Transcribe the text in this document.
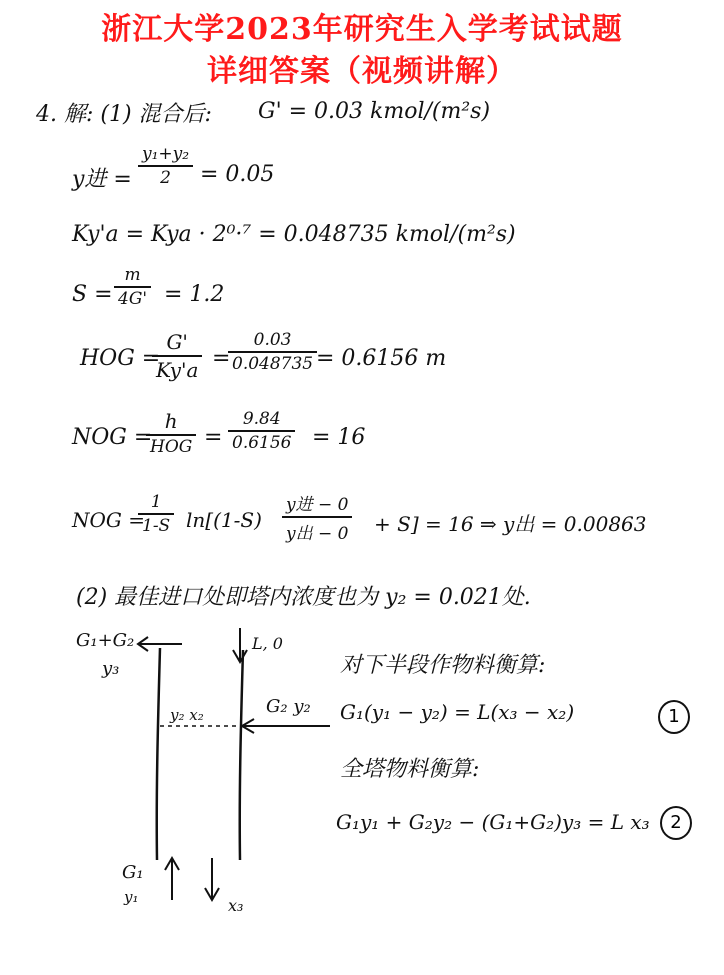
浙江大学2023年研究生入学考试试题
详细答案（视频讲解）
4. 解: (1) 混合后: G' = 0.03 kmol/(m²s)
y进 = $\frac{\text{y₁+y₂}}{2} = 0.05$
Ky'a = Kya · 2⁰·⁷ = 0.048735 kmol/(m²s)
$S = \frac{m}{4G'} = 1.2$
HOG =
$\frac{G'}{Ky'a}$ =
$\frac{0.03}{0.048735}$
= 0.6156 m
NOG =
h
HOG = $\frac{9.84}{0.6156} = 16$
NOG =
$\frac{1}{1-S} \ln[(1-S)$
y进 − 0
y出 − 0 + S] = 16 ⇒ y出 = 0.00863
(2) 最佳进口处即塔内浓度也为 y₂ = 0.021处.
G₁+G₂
y₃
L, 0
y₂ x₂	G₂ y₂
G₁
y₁	x₃
对下半段作物料衡算:
G₁(y₁ − y₂) = L(x₃ − x₂)	1
全塔物料衡算:
G₁y₁ + G₂y₂ − (G₁+G₂)y₃ = L x₃	2
